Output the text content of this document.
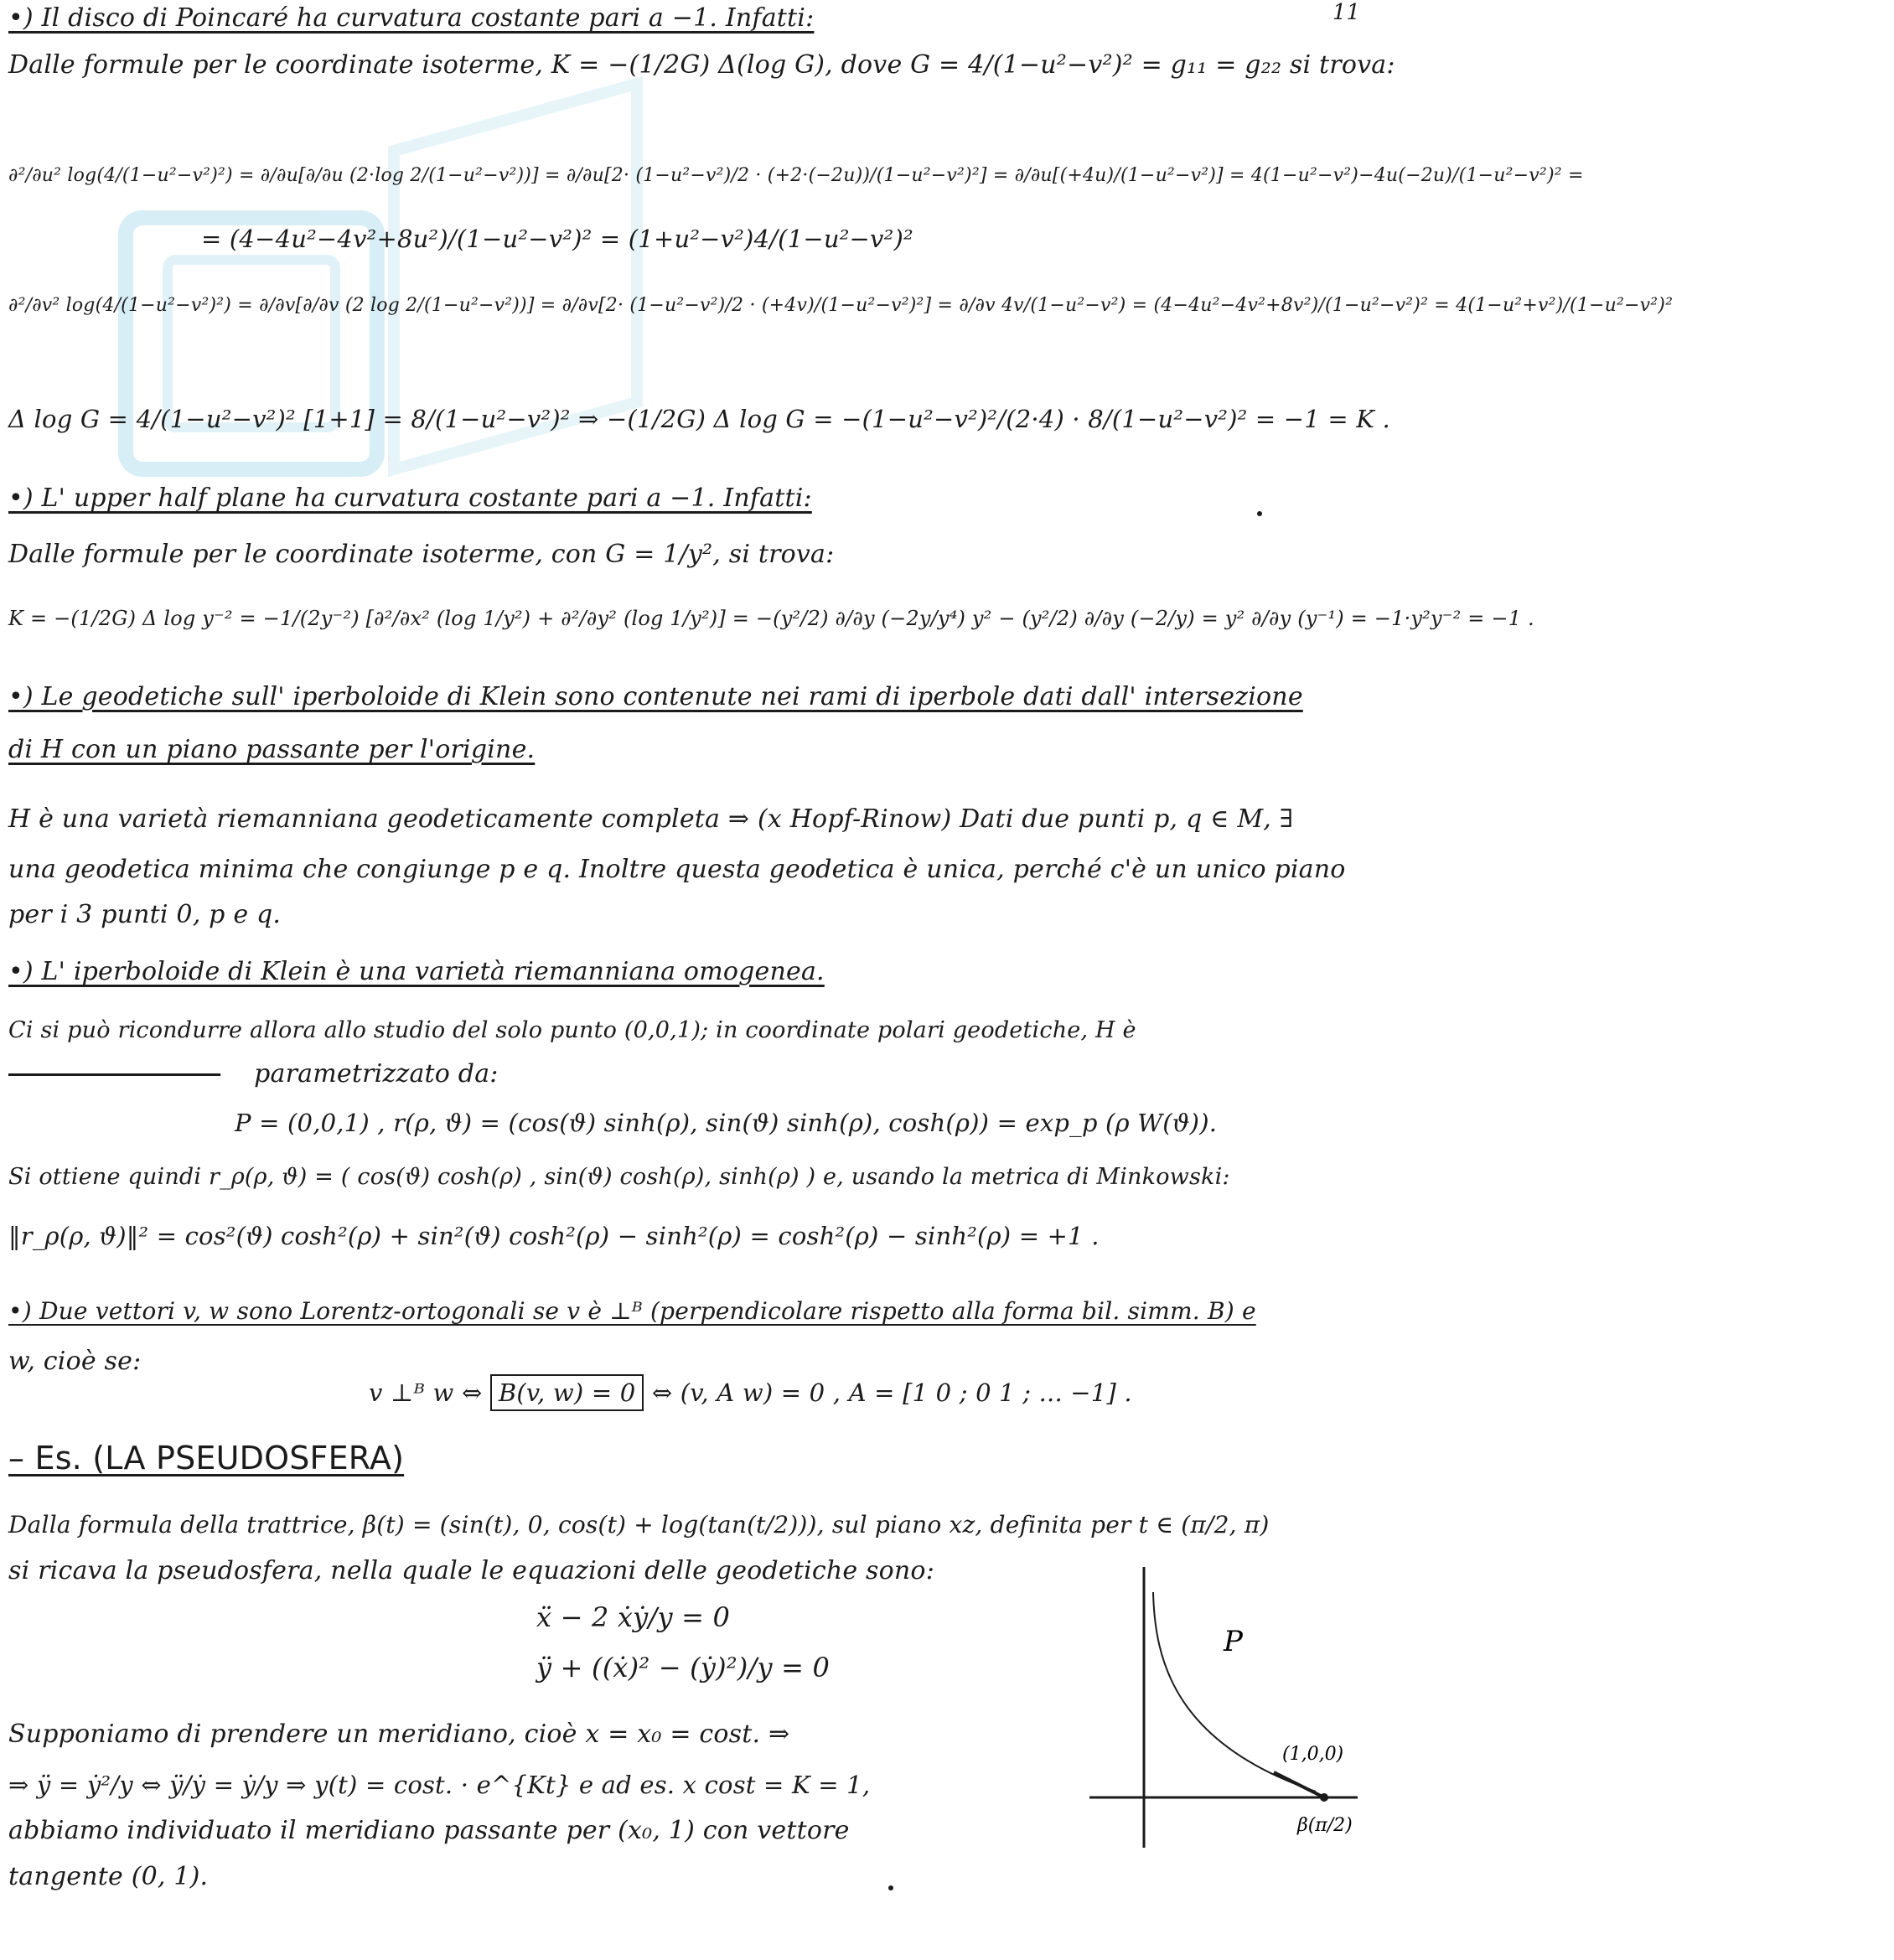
11
•) Il disco di Poincaré ha curvatura costante pari a −1. Infatti:
Dalle formule per le coordinate isoterme, K = −(1/2G) Δ(log G), dove G = 4/(1−u²−v²)² = g₁₁ = g₂₂ si trova:
∂²/∂u² log(4/(1−u²−v²)²) = ∂/∂u[∂/∂u (2·log 2/(1−u²−v²))] = ∂/∂u[2· (1−u²−v²)/2 · (+2·(−2u))/(1−u²−v²)²] = ∂/∂u[(+4u)/(1−u²−v²)] = 4(1−u²−v²)−4u(−2u)/(1−u²−v²)² =
= (4−4u²−4v²+8u²)/(1−u²−v²)² = (1+u²−v²)4/(1−u²−v²)²
∂²/∂v² log(4/(1−u²−v²)²) = ∂/∂v[∂/∂v (2 log 2/(1−u²−v²))] = ∂/∂v[2· (1−u²−v²)/2 · (+4v)/(1−u²−v²)²] = ∂/∂v 4v/(1−u²−v²) = (4−4u²−4v²+8v²)/(1−u²−v²)² = 4(1−u²+v²)/(1−u²−v²)²
Δ log G = 4/(1−u²−v²)² [1+1] = 8/(1−u²−v²)² ⇒ −(1/2G) Δ log G = −(1−u²−v²)²/(2·4) · 8/(1−u²−v²)² = −1 = K .
•) L' upper half plane ha curvatura costante pari a −1. Infatti:
Dalle formule per le coordinate isoterme, con G = 1/y², si trova:
K = −(1/2G) Δ log y⁻² = −1/(2y⁻²) [∂²/∂x² (log 1/y²) + ∂²/∂y² (log 1/y²)] = −(y²/2) ∂/∂y (−2y/y⁴) y² − (y²/2) ∂/∂y (−2/y) = y² ∂/∂y (y⁻¹) = −1·y²y⁻² = −1 .
•) Le geodetiche sull' iperboloide di Klein sono contenute nei rami di iperbole dati dall' intersezione
di H con un piano passante per l'origine.
H è una varietà riemanniana geodeticamente completa ⇒ (x Hopf-Rinow) Dati due punti p, q ∈ M, ∃
una geodetica minima che congiunge p e q. Inoltre questa geodetica è unica, perché c'è un unico piano
per i 3 punti 0, p e q.
•) L' iperboloide di Klein è una varietà riemanniana omogenea.
Ci si può ricondurre allora allo studio del solo punto (0,0,1); in coordinate polari geodetiche, H è
parametrizzato da:
P = (0,0,1) , r(ρ, ϑ) = (cos(ϑ) sinh(ρ), sin(ϑ) sinh(ρ), cosh(ρ)) = exp_p (ρ W(ϑ)).
Si ottiene quindi r_ρ(ρ, ϑ) = ( cos(ϑ) cosh(ρ) , sin(ϑ) cosh(ρ), sinh(ρ) ) e, usando la metrica di Minkowski:
‖r_ρ(ρ, ϑ)‖² = cos²(ϑ) cosh²(ρ) + sin²(ϑ) cosh²(ρ) − sinh²(ρ) = cosh²(ρ) − sinh²(ρ) = +1 .
•) Due vettori v, w sono Lorentz-ortogonali se v è ⊥ᴮ (perpendicolare rispetto alla forma bil. simm. B) e
w, cioè se:
v ⊥ᴮ w ⇔ B(v, w) = 0 ⇔ (v, A w) = 0 , A = [1 0 ; 0 1 ; ... −1] .
– Es. (LA PSEUDOSFERA)
Dalla formula della trattrice, β(t) = (sin(t), 0, cos(t) + log(tan(t/2))), sul piano xz, definita per t ∈ (π/2, π)
si ricava la pseudosfera, nella quale le equazioni delle geodetiche sono:
ẍ − 2 ẋẏ/y = 0
ÿ + ((ẋ)² − (ẏ)²)/y = 0
Supponiamo di prendere un meridiano, cioè x = x₀ = cost. ⇒
⇒ ÿ = ẏ²/y ⇔ ÿ/ẏ = ẏ/y ⇒ y(t) = cost. · e^{Kt} e ad es. x cost = K = 1,
abbiamo individuato il meridiano passante per (x₀, 1) con vettore
tangente (0, 1).
P
(1,0,0)
β(π/2)
